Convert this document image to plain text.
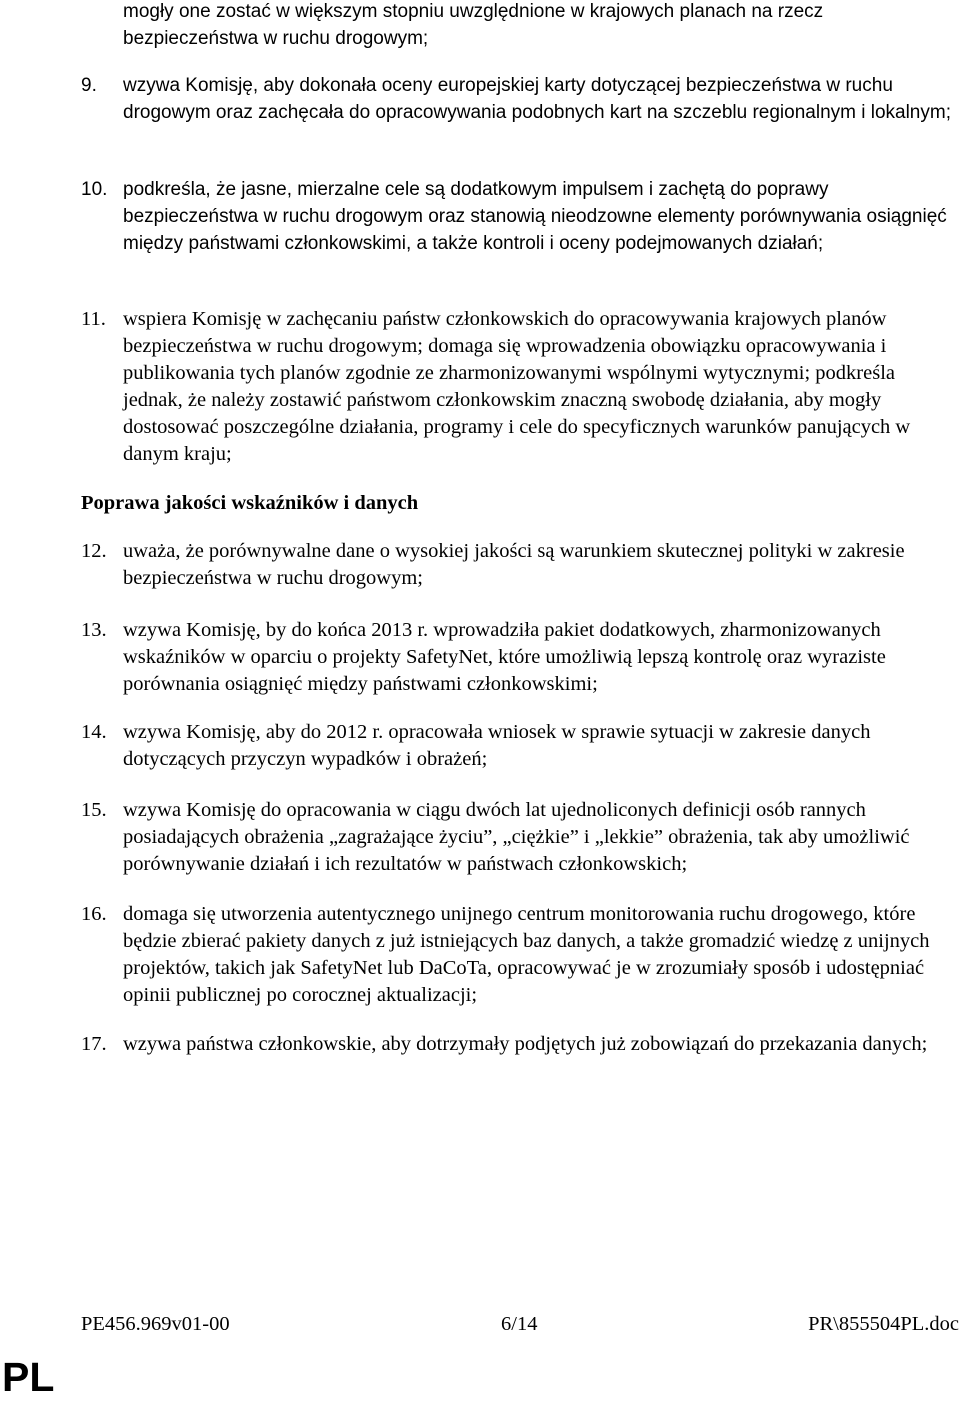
mogły one zostać w większym stopniu uwzględnione w krajowych planach na rzecz bezpieczeństwa w ruchu drogowym;

9.	wzywa Komisję, aby dokonała oceny europejskiej karty dotyczącej bezpieczeństwa w ruchu drogowym oraz zachęcała do opracowywania podobnych kart na szczeblu regionalnym i lokalnym;
10. podkreśla, że jasne, mierzalne cele są dodatkowym impulsem i zachętą do poprawy bezpieczeństwa w ruchu drogowym oraz stanowią nieodzowne elementy porównywania osiągnięć między państwami członkowskimi, a także kontroli i oceny podejmowanych działań;
11. wspiera Komisję w zachęcaniu państw członkowskich do opracowywania krajowych planów bezpieczeństwa w ruchu drogowym; domaga się wprowadzenia obowiązku opracowywania i publikowania tych planów zgodnie ze zharmonizowanymi wspólnymi wytycznymi; podkreśla jednak, że należy zostawić państwom członkowskim znaczną swobodę działania, aby mogły dostosować poszczególne działania, programy i cele do specyficznych warunków panujących w danym kraju;
Poprawa jakości wskaźników i danych
12. uważa, że porównywalne dane o wysokiej jakości są warunkiem skutecznej polityki w zakresie bezpieczeństwa w ruchu drogowym;
13. wzywa Komisję, by do końca 2013 r. wprowadziła pakiet dodatkowych, zharmonizowanych wskaźników w oparciu o projekty SafetyNet, które umożliwią lepszą kontrolę oraz wyraziste porównania osiągnięć między państwami członkowskimi;
14. wzywa Komisję, aby do 2012 r. opracowała wniosek w sprawie sytuacji w zakresie danych dotyczących przyczyn wypadków i obrażeń;
15. wzywa Komisję do opracowania w ciągu dwóch lat ujednoliconych definicji osób rannych posiadających obrażenia „zagrażające życiu”, „ciężkie” i „lekkie” obrażenia, tak aby umożliwić porównywanie działań i ich rezultatów w państwach członkowskich;
16. domaga się utworzenia autentycznego unijnego centrum monitorowania ruchu drogowego, które będzie zbierać pakiety danych z już istniejących baz danych, a także gromadzić wiedzę z unijnych projektów, takich jak SafetyNet lub DaCoTa, opracowywać je w zrozumiały sposób i udostępniać opinii publicznej po corocznej aktualizacji;
17. wzywa państwa członkowskie, aby dotrzymały podjętych już zobowiązań do przekazania danych;
PE456.969v01-00	6/14	PR\855504PL.doc
PL
